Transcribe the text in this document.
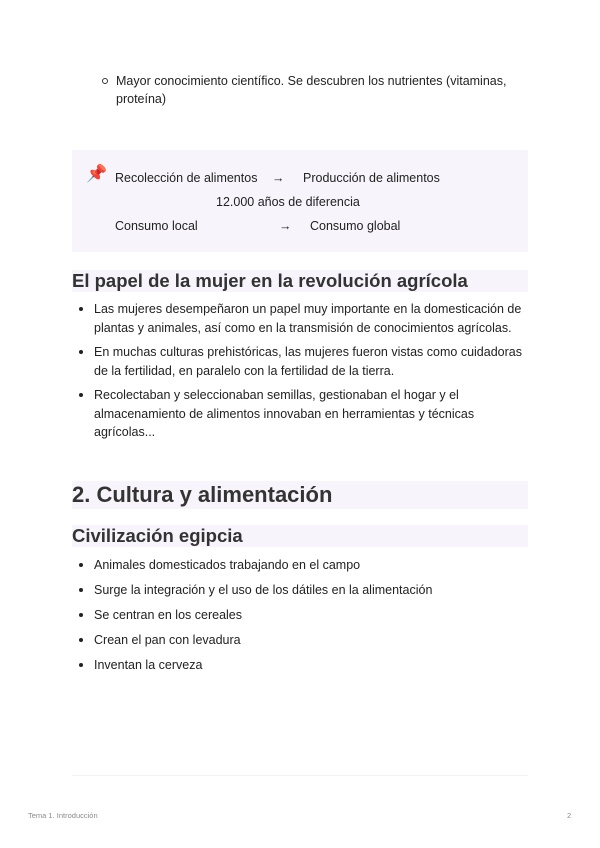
Mayor conocimiento científico. Se descubren los nutrientes (vitaminas, proteína)
📌 Recolección de alimentos → Producción de alimentos
12.000 años de diferencia
Consumo local	→ Consumo global
El papel de la mujer en la revolución agrícola
Las mujeres desempeñaron un papel muy importante en la domesticación de plantas y animales, así como en la transmisión de conocimientos agrícolas.
En muchas culturas prehistóricas, las mujeres fueron vistas como cuidadoras de la fertilidad, en paralelo con la fertilidad de la tierra.
Recolectaban y seleccionaban semillas, gestionaban el hogar y el almacenamiento de alimentos innovaban en herramientas y técnicas agrícolas...
2. Cultura y alimentación
Civilización egipcia
Animales domesticados trabajando en el campo
Surge la integración y el uso de los dátiles en la alimentación
Se centran en los cereales
Crean el pan con levadura
Inventan la cerveza
Tema 1. Introducción	2
